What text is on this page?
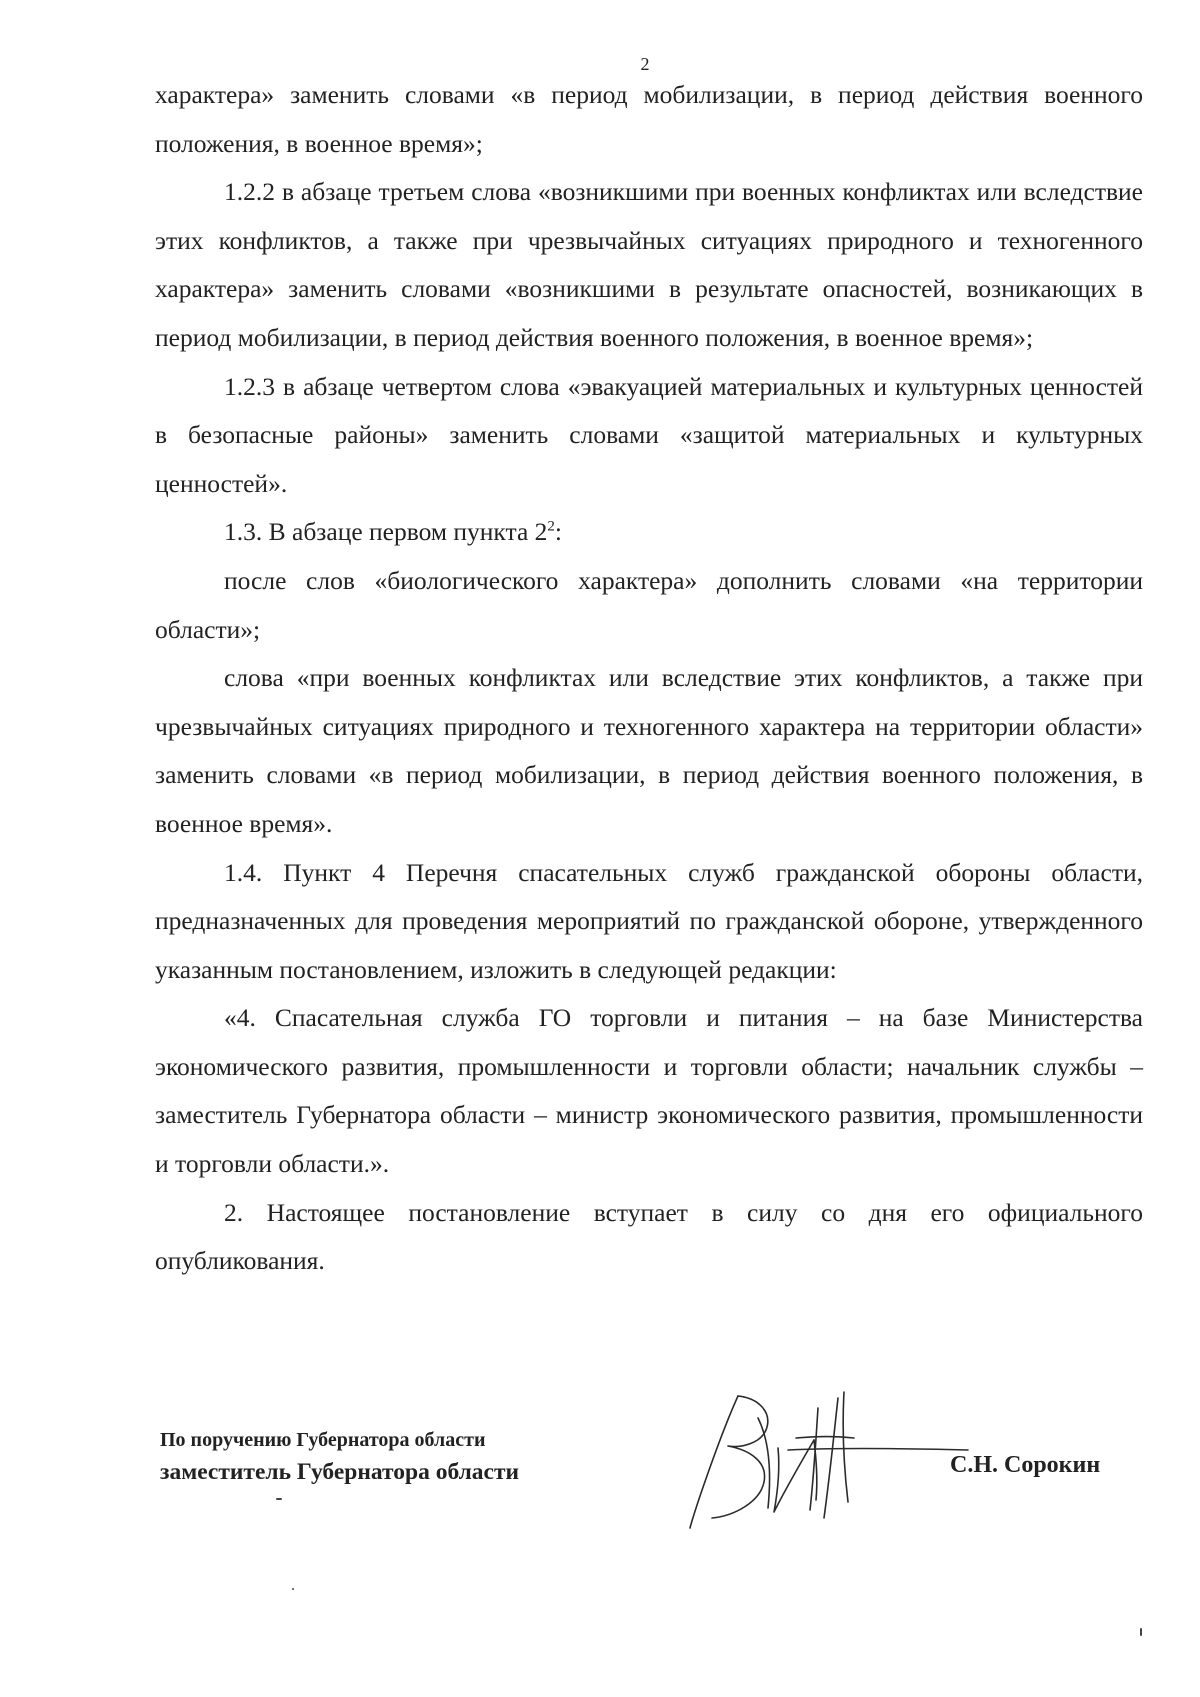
2

характера» заменить словами «в период мобилизации, в период действия военного положения, в военное время»;

1.2.2 в абзаце третьем слова «возникшими при военных конфликтах или вследствие этих конфликтов, а также при чрезвычайных ситуациях природного и техногенного характера» заменить словами «возникшими в результате опасностей, возникающих в период мобилизации, в период действия военного положения, в военное время»;

1.2.3 в абзаце четвертом слова «эвакуацией материальных и культурных ценностей в безопасные районы» заменить словами «защитой материальных и культурных ценностей».

1.3. В абзаце первом пункта $2^2$:

после слов «биологического характера» дополнить словами «на территории области»;

слова «при военных конфликтах или вследствие этих конфликтов, а также при чрезвычайных ситуациях природного и техногенного характера на территории области» заменить словами «в период мобилизации, в период действия военного положения, в военное время».

1.4. Пункт 4 Перечня спасательных служб гражданской обороны области, предназначенных для проведения мероприятий по гражданской обороне, утвержденного указанным постановлением, изложить в следующей редакции:

«4. Спасательная служба ГО торговли и питания – на базе Министерства экономического развития, промышленности и торговли области; начальник службы – заместитель Губернатора области – министр экономического развития, промышленности и торговли области.».

2. Настоящее постановление вступает в силу со дня его официального опубликования.

По поручению Губернатора области
заместитель Губернатора области	С.Н. Сорокин
